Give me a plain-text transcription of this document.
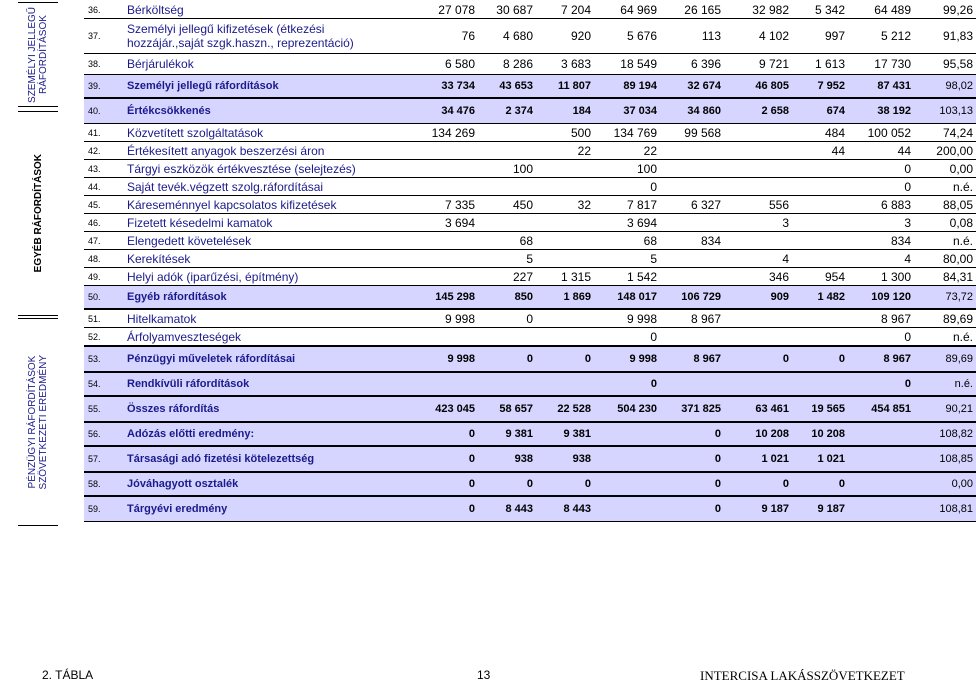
SZEMÉLYI JELLEGŰ
RÁFORDÍTÁSOK
EGYÉB RÁFORDÍTÁSOK
PÉNZÜGYI RÁFORDÍTÁSOK
SZÖVETKEZETI EREDMÉNY
36.	Bérköltség	27 078	30 687	7 204	64 969	26 165	32 982	5 342	64 489	99,26
37.	Személyi jellegű kifizetések (étkezési hozzájár.,saját szgk.haszn., reprezentáció)	76	4 680	920	5 676	113	4 102	997	5 212	91,83
38.	Bérjárulékok	6 580	8 286	3 683	18 549	6 396	9 721	1 613	17 730	95,58
39.	Személyi jellegű ráfordítások	33 734	43 653	11 807	89 194	32 674	46 805	7 952	87 431	98,02
40.	Értékcsökkenés	34 476	2 374	184	37 034	34 860	2 658	674	38 192	103,13
41.	Közvetített szolgáltatások	134 269		500	134 769	99 568		484	100 052	74,24
42.	Értékesített anyagok beszerzési áron			22	22			44	44	200,00
43.	Tárgyi eszközök értékvesztése (selejtezés)		100		100				0	0,00
44.	Saját tevék.végzett szolg.ráfordításai				0				0	n.é.
45.	Káreseménnyel kapcsolatos kifizetések	7 335	450	32	7 817	6 327	556		6 883	88,05
46.	Fizetett késedelmi kamatok	3 694			3 694		3		3	0,08
47.	Elengedett követelések		68		68	834			834	n.é.
48.	Kerekítések		5		5		4		4	80,00
49.	Helyi adók (iparűzési, építmény)		227	1 315	1 542		346	954	1 300	84,31
50.	Egyéb ráfordítások	145 298	850	1 869	148 017	106 729	909	1 482	109 120	73,72
51.	Hitelkamatok	9 998	0		9 998	8 967			8 967	89,69
52.	Árfolyamveszteségek				0				0	n.é.
53.	Pénzügyi műveletek ráfordításai	9 998	0	0	9 998	8 967	0	0	8 967	89,69
54.	Rendkívüli ráfordítások				0				0	n.é.
55.	Összes ráfordítás	423 045	58 657	22 528	504 230	371 825	63 461	19 565	454 851	90,21
56.	Adózás előtti eredmény:	0	9 381	9 381		0	10 208	10 208		108,82
57.	Társasági adó fizetési kötelezettség	0	938	938		0	1 021	1 021		108,85
58.	Jóváhagyott osztalék	0	0	0		0	0	0		0,00
59.	Tárgyévi eredmény	0	8 443	8 443		0	9 187	9 187		108,81
2. TÁBLA	13	INTERCISA LAKÁSSZÖVETKEZET
